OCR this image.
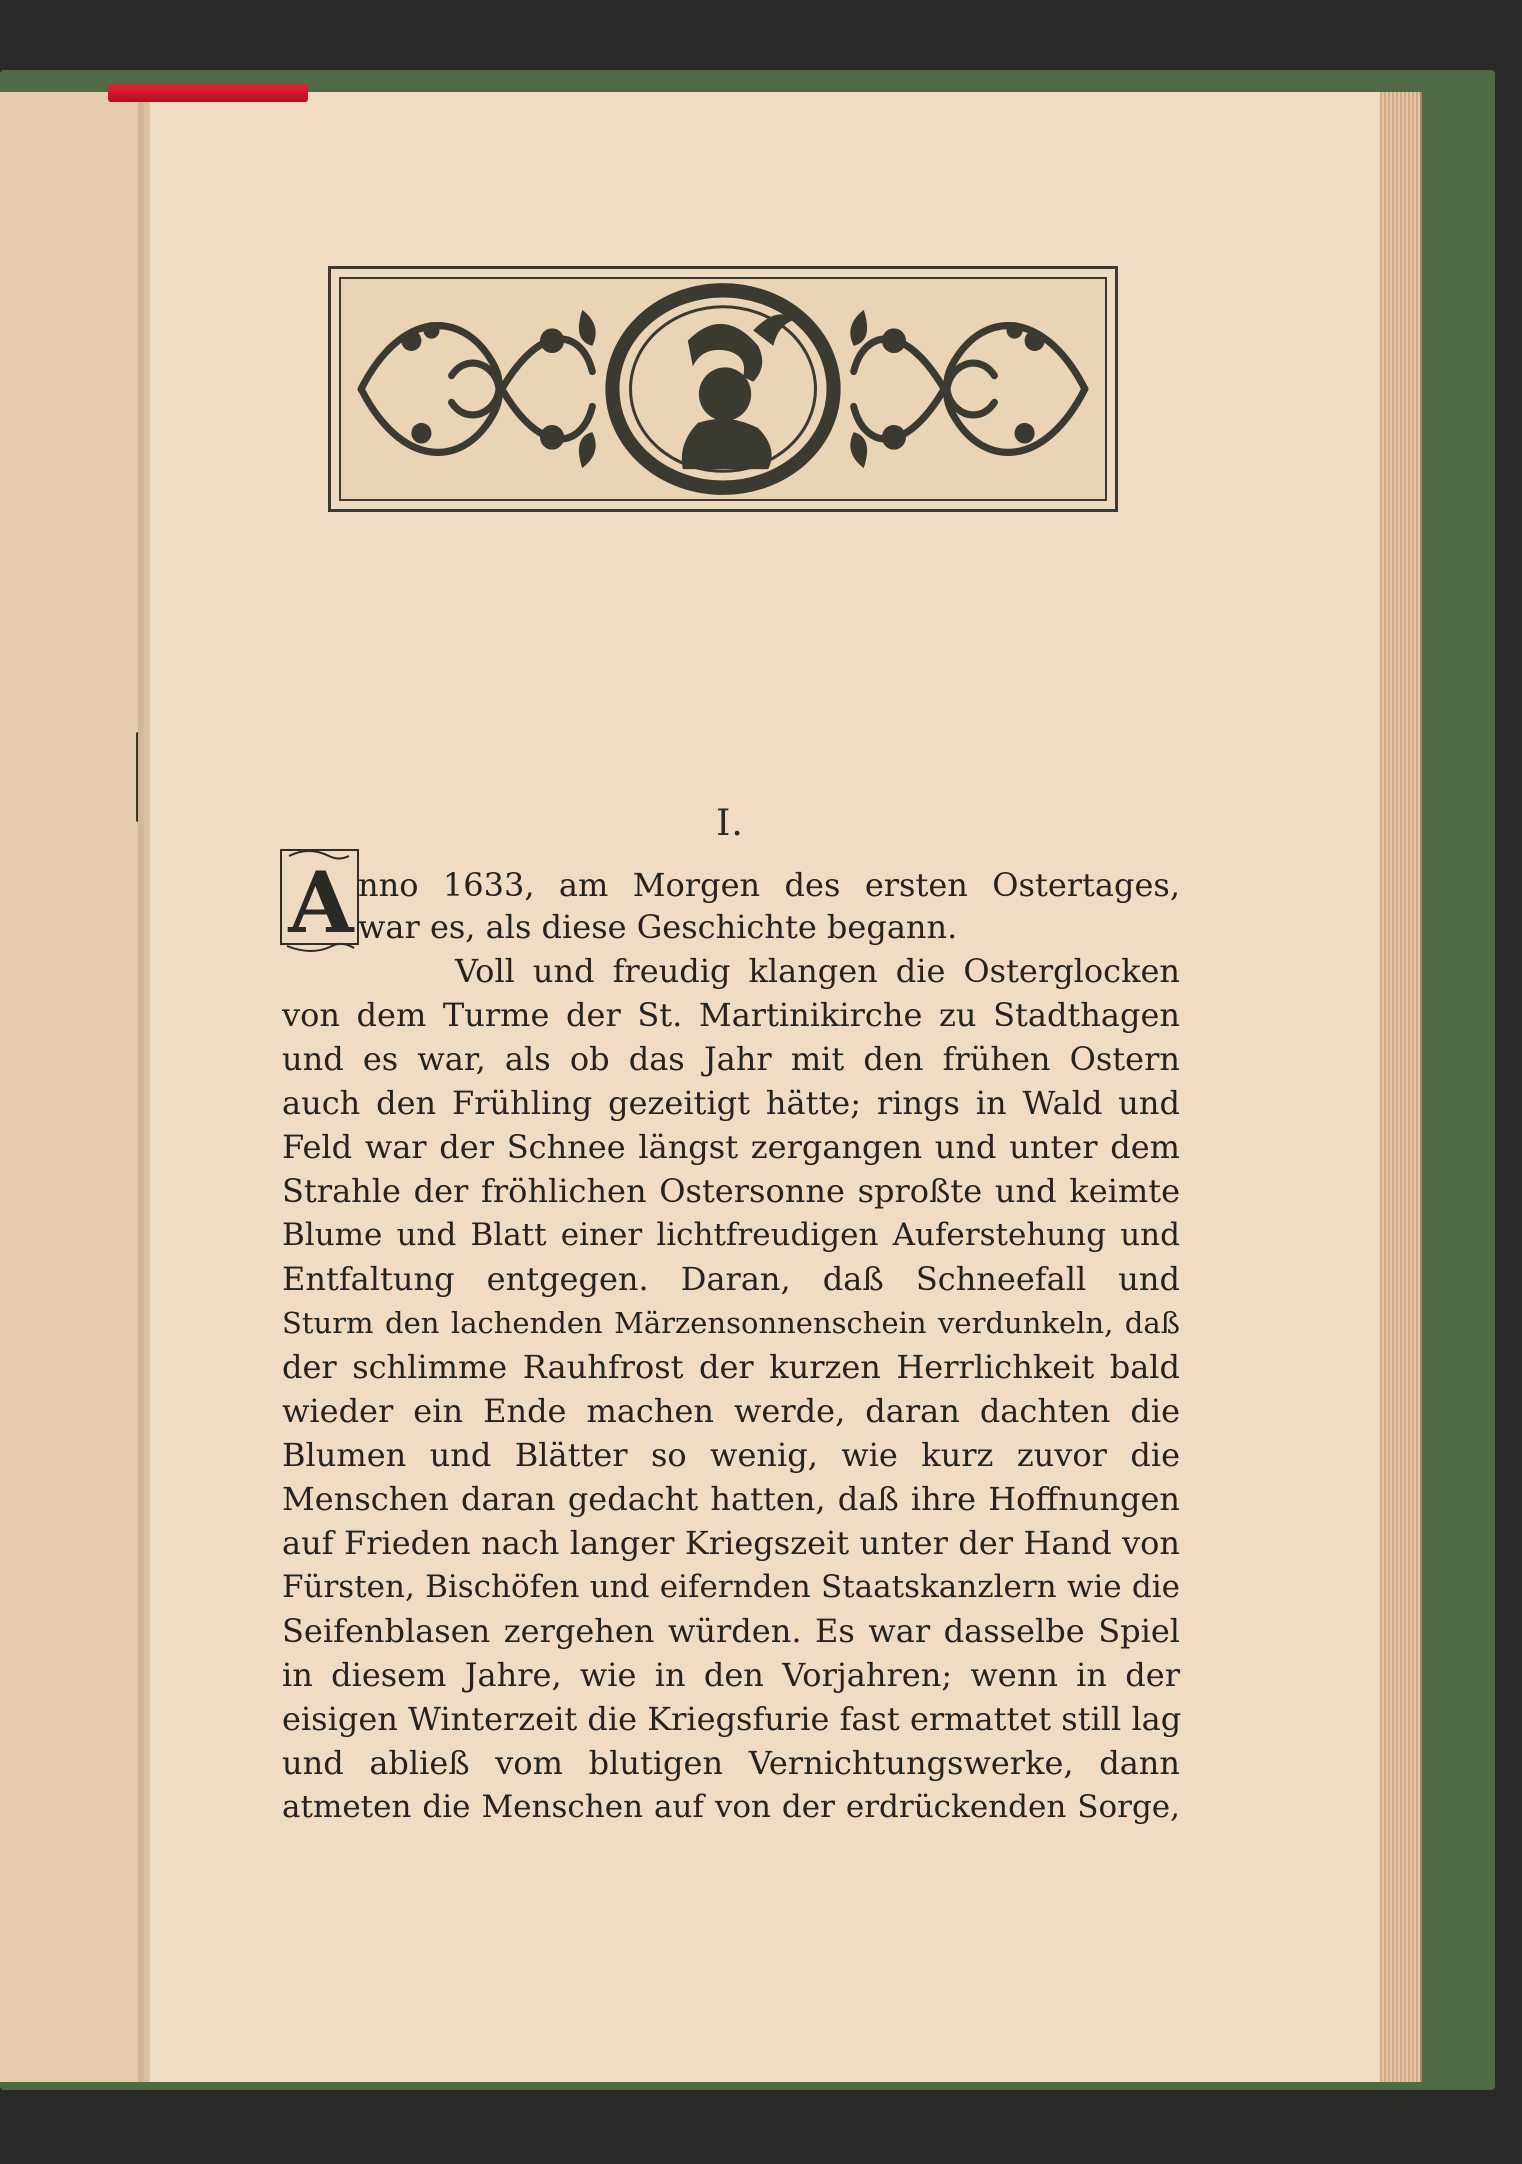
I.
A nno 1633, am Morgen des ersten Ostertages,
war es, als diese Geschichte begann.
Voll und freudig klangen die Osterglocken
von dem Turme der St. Martinikirche zu Stadthagen
und es war, als ob das Jahr mit den frühen Ostern
auch den Frühling gezeitigt hätte; rings in Wald und
Feld war der Schnee längst zergangen und unter dem
Strahle der fröhlichen Ostersonne sproßte und keimte
Blume und Blatt einer lichtfreudigen Auferstehung und
Entfaltung entgegen. Daran, daß Schneefall und
Sturm den lachenden Märzensonnenschein verdunkeln, daß
der schlimme Rauhfrost der kurzen Herrlichkeit bald
wieder ein Ende machen werde, daran dachten die
Blumen und Blätter so wenig, wie kurz zuvor die
Menschen daran gedacht hatten, daß ihre Hoffnungen
auf Frieden nach langer Kriegszeit unter der Hand von
Fürsten, Bischöfen und eifernden Staatskanzlern wie die
Seifenblasen zergehen würden. Es war dasselbe Spiel
in diesem Jahre, wie in den Vorjahren; wenn in der
eisigen Winterzeit die Kriegsfurie fast ermattet still lag
und abließ vom blutigen Vernichtungswerke, dann
atmeten die Menschen auf von der erdrückenden Sorge,
